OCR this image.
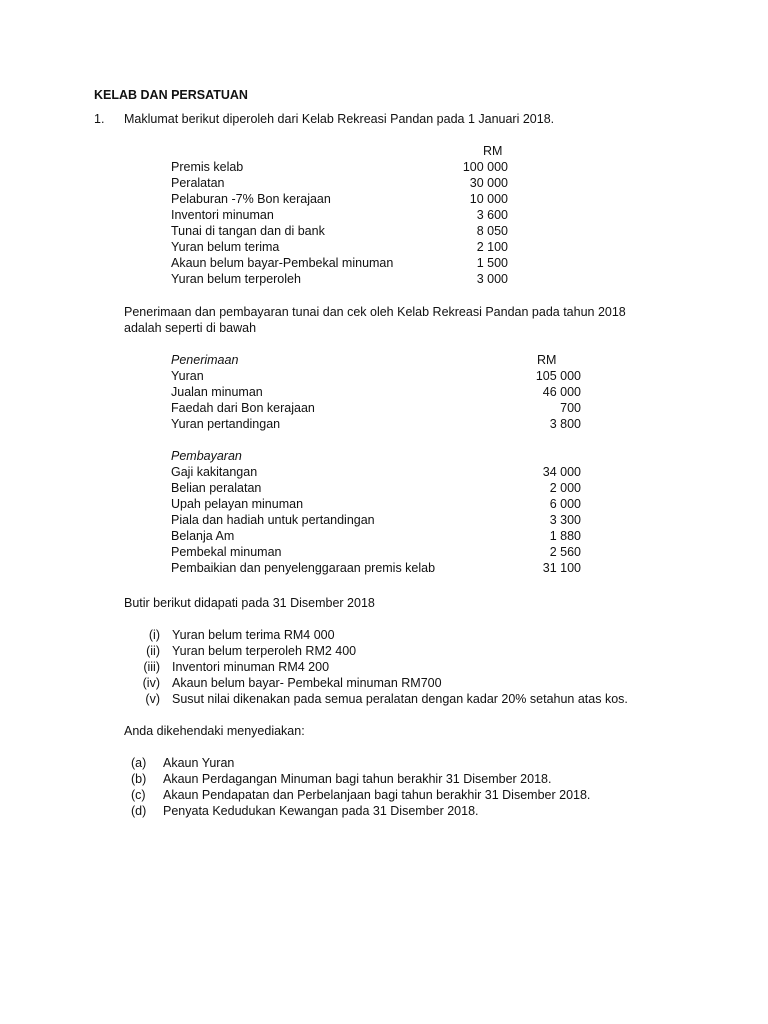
KELAB DAN PERSATUAN
1. Maklumat berikut diperoleh dari Kelab Rekreasi Pandan pada 1 Januari 2018.
RM
Premis kelab	100 000
Peralatan	30 000
Pelaburan -7% Bon kerajaan	10 000
Inventori minuman	3 600
Tunai di tangan dan di bank	8 050
Yuran belum terima	2 100
Akaun belum bayar-Pembekal minuman	1 500
Yuran belum terperoleh	3 000
Penerimaan dan pembayaran tunai dan cek oleh Kelab Rekreasi Pandan pada tahun 2018
adalah seperti di bawah
Penerimaan	RM
Yuran	105 000
Jualan minuman	46 000
Faedah dari Bon kerajaan	700
Yuran pertandingan	3 800
Pembayaran
Gaji kakitangan	34 000
Belian peralatan	2 000
Upah pelayan minuman	6 000
Piala dan hadiah untuk pertandingan	3 300
Belanja Am	1 880
Pembekal minuman	2 560
Pembaikian dan penyelenggaraan premis kelab	31 100
Butir berikut didapati pada 31 Disember 2018
(i) Yuran belum terima RM4 000
(ii) Yuran belum terperoleh RM2 400
(iii) Inventori minuman RM4 200
(iv) Akaun belum bayar- Pembekal minuman RM700
(v) Susut nilai dikenakan pada semua peralatan dengan kadar 20% setahun atas kos.
Anda dikehendaki menyediakan:
(a) Akaun Yuran
(b) Akaun Perdagangan Minuman bagi tahun berakhir 31 Disember 2018.
(c) Akaun Pendapatan dan Perbelanjaan bagi tahun berakhir 31 Disember 2018.
(d) Penyata Kedudukan Kewangan pada 31 Disember 2018.
